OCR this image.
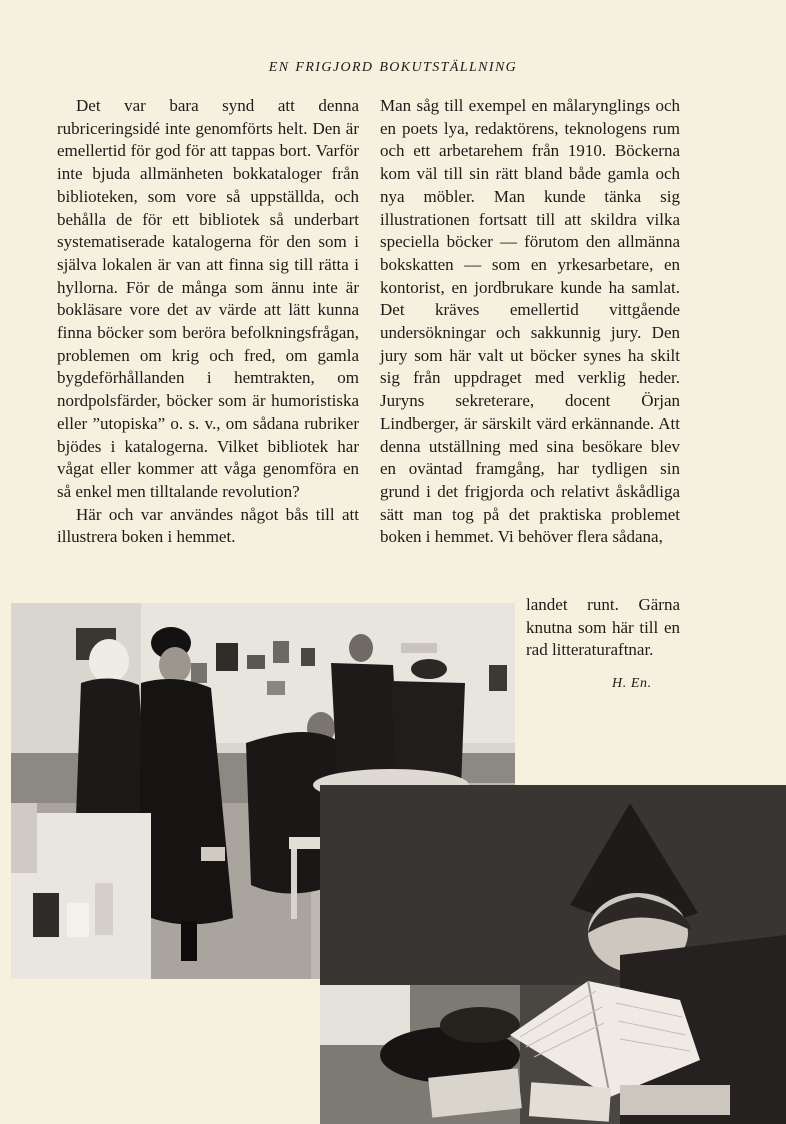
EN FRIGJORD BOKUTSTÄLLNING

Det var bara synd att denna rubriceringsidé inte genomförts helt. Den är emellertid för god för att tappas bort. Varför inte bjuda allmänheten bokkataloger från biblioteken, som vore så uppställda, och behålla de för ett bibliotek så underbart systematiserade katalogerna för den som i själva lokalen är van att finna sig till rätta i hyllorna. För de många som ännu inte är bokläsare vore det av värde att lätt kunna finna böcker som beröra befolkningsfrågan, problemen om krig och fred, om gamla bygdeförhållanden i hemtrakten, om nordpolsfärder, böcker som är humoristiska eller ”utopiska” o. s. v., om sådana rubriker bjödes i katalogerna. Vilket bibliotek har vågat eller kommer att våga genomföra en så enkel men tilltalande revolution?

Här och var användes något bås till att illustrera boken i hemmet.

Man såg till exempel en målarynglings och en poets lya, redaktörens, teknologens rum och ett arbetarehem från 1910. Böckerna kom väl till sin rätt bland både gamla och nya möbler. Man kunde tänka sig illustrationen fortsatt till att skildra vilka speciella böcker — förutom den allmänna bokskatten — som en yrkesarbetare, en kontorist, en jordbrukare kunde ha samlat. Det kräves emellertid vittgående undersökningar och sakkunnig jury. Den jury som här valt ut böcker synes ha skilt sig från uppdraget med verklig heder. Juryns sekreterare, docent Örjan Lindberger, är särskilt värd erkännande. Att denna utställning med sina besökare blev en oväntad framgång, har tydligen sin grund i det frigjorda och relativt åskådliga sätt man tog på det praktiska problemet boken i hemmet. Vi behöver flera sådana,

landet runt. Gärna knutna som här till en rad litteraturaftnar.

H. En.
